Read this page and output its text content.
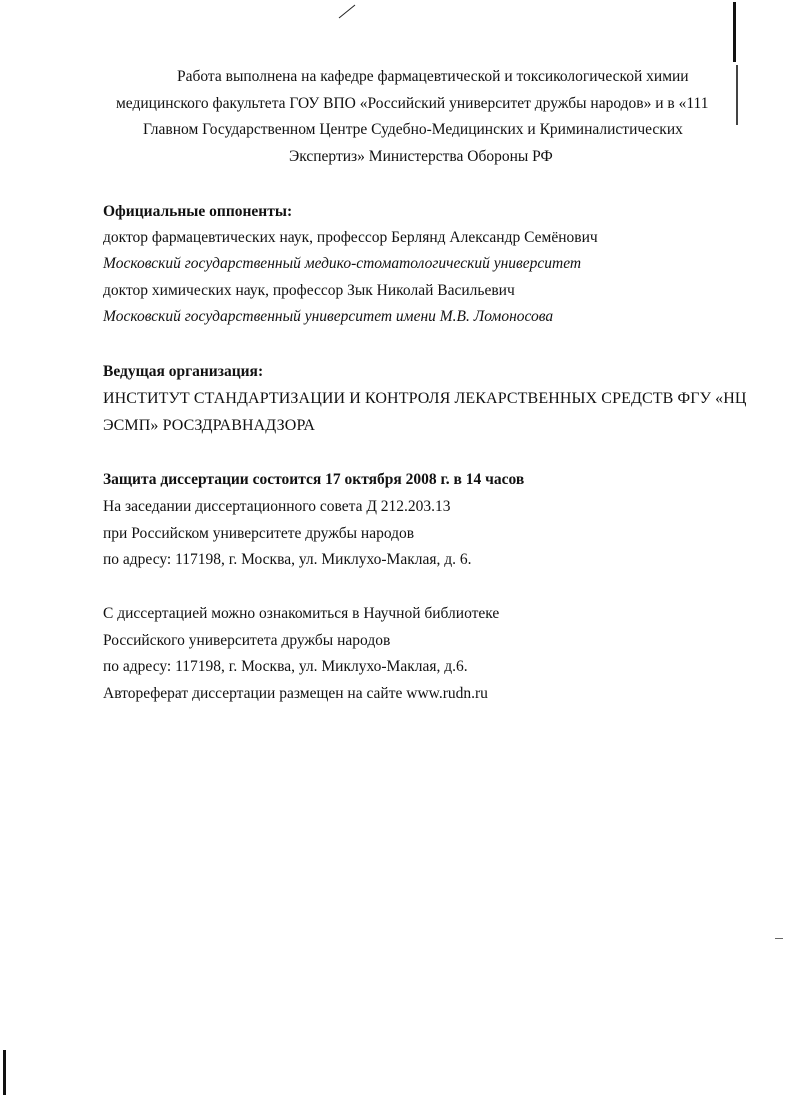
Работа выполнена на кафедре фармацевтической и токсикологической химии
медицинского факультета ГОУ ВПО «Российский университет дружбы народов» и в «111
Главном Государственном Центре Судебно-Медицинских и Криминалистических
Экспертиз» Министерства Обороны РФ
Официальные оппоненты:
доктор фармацевтических наук, профессор Берлянд Александр Семёнович
Московский государственный медико-стоматологический университет
доктор химических наук, профессор Зык Николай Васильевич
Московский государственный университет имени М.В. Ломоносова
Ведущая организация:
ИНСТИТУТ СТАНДАРТИЗАЦИИ И КОНТРОЛЯ ЛЕКАРСТВЕННЫХ СРЕДСТВ ФГУ «НЦ
ЭСМП» РОСЗДРАВНАДЗОРА
Защита диссертации состоится 17 октября 2008 г. в 14 часов
На заседании диссертационного совета Д 212.203.13
при Российском университете дружбы народов
по адресу: 117198, г. Москва, ул. Миклухо-Маклая, д. 6.
С диссертацией можно ознакомиться в Научной библиотеке
Российского университета дружбы народов
по адресу: 117198, г. Москва, ул. Миклухо-Маклая, д.6.
Автореферат диссертации размещен на сайте www.rudn.ru
